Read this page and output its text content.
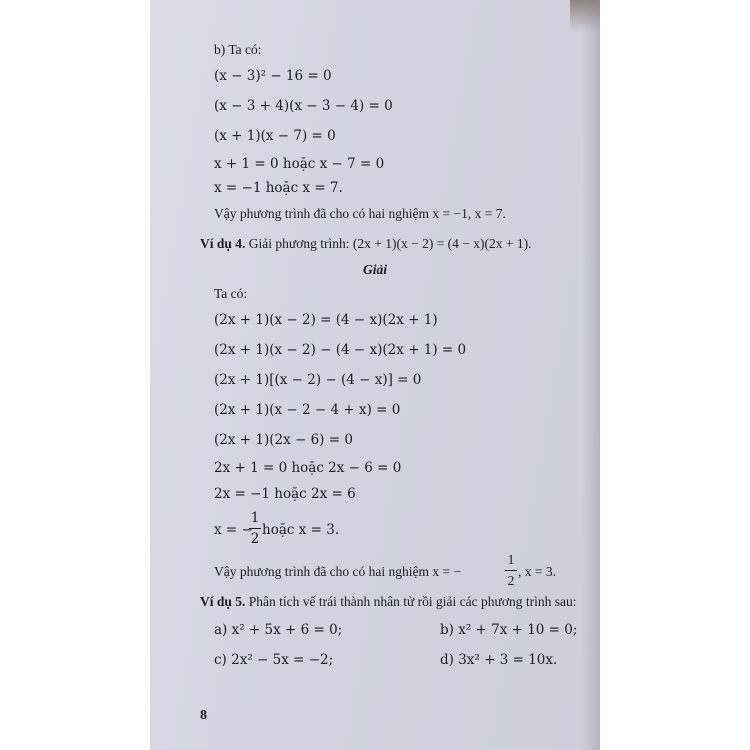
b) Ta có:
(x − 3)² − 16 = 0
(x − 3 + 4)(x − 3 − 4) = 0
(x + 1)(x − 7) = 0
x + 1 = 0 hoặc x − 7 = 0
x = −1 hoặc x = 7.
Vậy phương trình đã cho có hai nghiệm x = −1, x = 7.
Ví dụ 4. Giải phương trình: (2x + 1)(x − 2) = (4 − x)(2x + 1).
Giải
Ta có:
(2x + 1)(x − 2) = (4 − x)(2x + 1)
(2x + 1)(x − 2) − (4 − x)(2x + 1) = 0
(2x + 1)[(x − 2) − (4 − x)] = 0
(2x + 1)(x − 2 − 4 + x) = 0
(2x + 1)(2x − 6) = 0
2x + 1 = 0 hoặc 2x − 6 = 0
2x = −1 hoặc 2x = 6
x = −
1
2
hoặc x = 3.
Vậy phương trình đã cho có hai nghiệm x = −
1
2
, x = 3.
Ví dụ 5. Phân tích vế trái thành nhân tử rồi giải các phương trình sau:
a) x² + 5x + 6 = 0;	b) x² + 7x + 10 = 0;
c) 2x² − 5x = −2;	d) 3x² + 3 = 10x.
8
